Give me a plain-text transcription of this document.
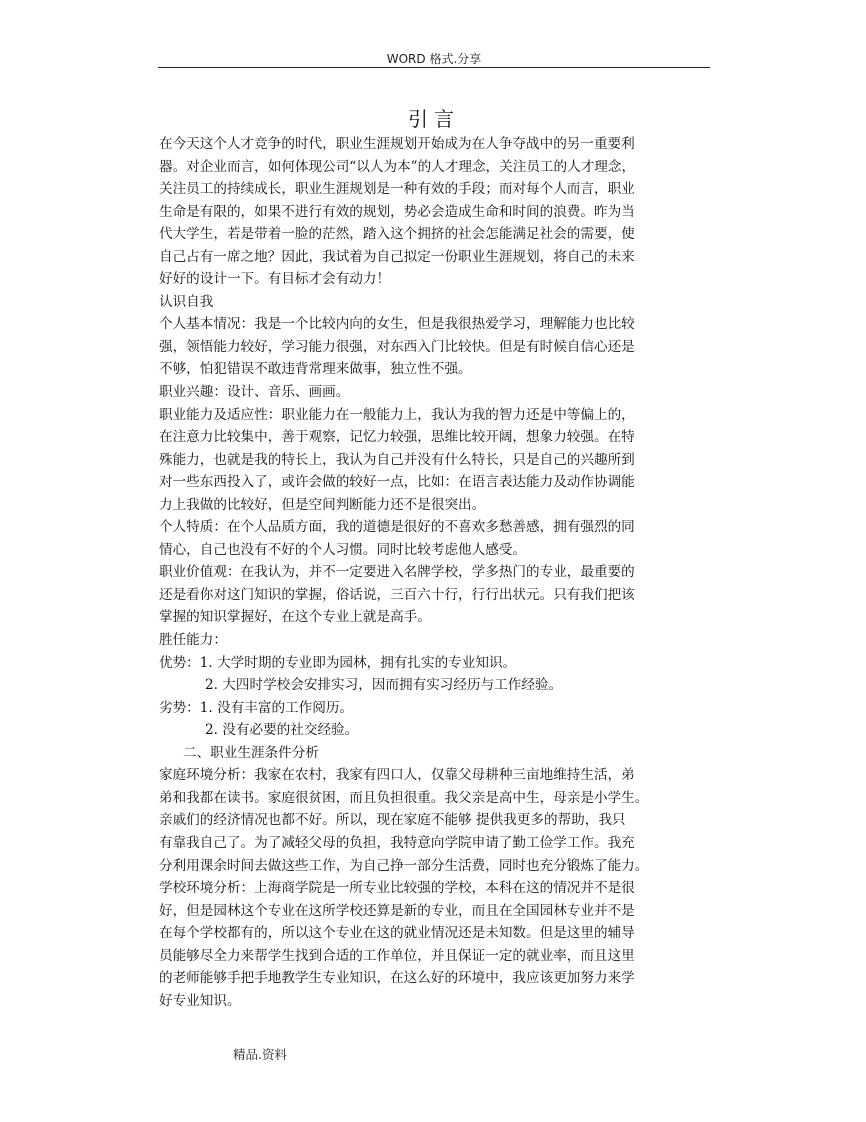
WORD 格式.分享
引言
在今天这个人才竞争的时代，职业生涯规划开始成为在人争夺战中的另一重要利
器。对企业而言，如何体现公司“以人为本”的人才理念，关注员工的人才理念，
关注员工的持续成长，职业生涯规划是一种有效的手段；而对每个人而言，职业
生命是有限的，如果不进行有效的规划，势必会造成生命和时间的浪费。昨为当
代大学生，若是带着一脸的茫然，踏入这个拥挤的社会怎能满足社会的需要，使
自己占有一席之地？因此，我试着为自己拟定一份职业生涯规划，将自己的未来
好好的设计一下。有目标才会有动力！
认识自我
个人基本情况：我是一个比较内向的女生，但是我很热爱学习，理解能力也比较
强，领悟能力较好，学习能力很强，对东西入门比较快。但是有时候自信心还是
不够，怕犯错误不敢违背常理来做事，独立性不强。
职业兴趣：设计、音乐、画画。
职业能力及适应性：职业能力在一般能力上，我认为我的智力还是中等偏上的，
在注意力比较集中，善于观察，记忆力较强，思维比较开阔，想象力较强。在特
殊能力，也就是我的特长上，我认为自己并没有什么特长，只是自己的兴趣所到
对一些东西投入了，或许会做的较好一点，比如：在语言表达能力及动作协调能
力上我做的比较好，但是空间判断能力还不是很突出。
个人特质：在个人品质方面，我的道德是很好的不喜欢多愁善感，拥有强烈的同
情心，自己也没有不好的个人习惯。同时比较考虑他人感受。
职业价值观：在我认为，并不一定要进入名牌学校，学多热门的专业，最重要的
还是看你对这门知识的掌握，俗话说，三百六十行，行行出状元。只有我们把该
掌握的知识掌握好，在这个专业上就是高手。
胜任能力：
优势：1. 大学时期的专业即为园林，拥有扎实的专业知识。
2. 大四时学校会安排实习，因而拥有实习经历与工作经验。
劣势：1. 没有丰富的工作阅历。
2. 没有必要的社交经验。
二、职业生涯条件分析
家庭环境分析：我家在农村，我家有四口人，仅靠父母耕种三亩地维持生活，弟
弟和我都在读书。家庭很贫困，而且负担很重。我父亲是高中生，母亲是小学生。
亲戚们的经济情况也都不好。所以，现在家庭不能够 提供我更多的帮助，我只
有靠我自己了。为了减轻父母的负担，我特意向学院申请了勤工俭学工作。我充
分利用课余时间去做这些工作，为自己挣一部分生活费，同时也充分锻炼了能力。
学校环境分析：上海商学院是一所专业比较强的学校，本科在这的情况并不是很
好，但是园林这个专业在这所学校还算是新的专业，而且在全国园林专业并不是
在每个学校都有的，所以这个专业在这的就业情况还是未知数。但是这里的辅导
员能够尽全力来帮学生找到合适的工作单位，并且保证一定的就业率，而且这里
的老师能够手把手地教学生专业知识，在这么好的环境中，我应该更加努力来学
好专业知识。
精品.资料
